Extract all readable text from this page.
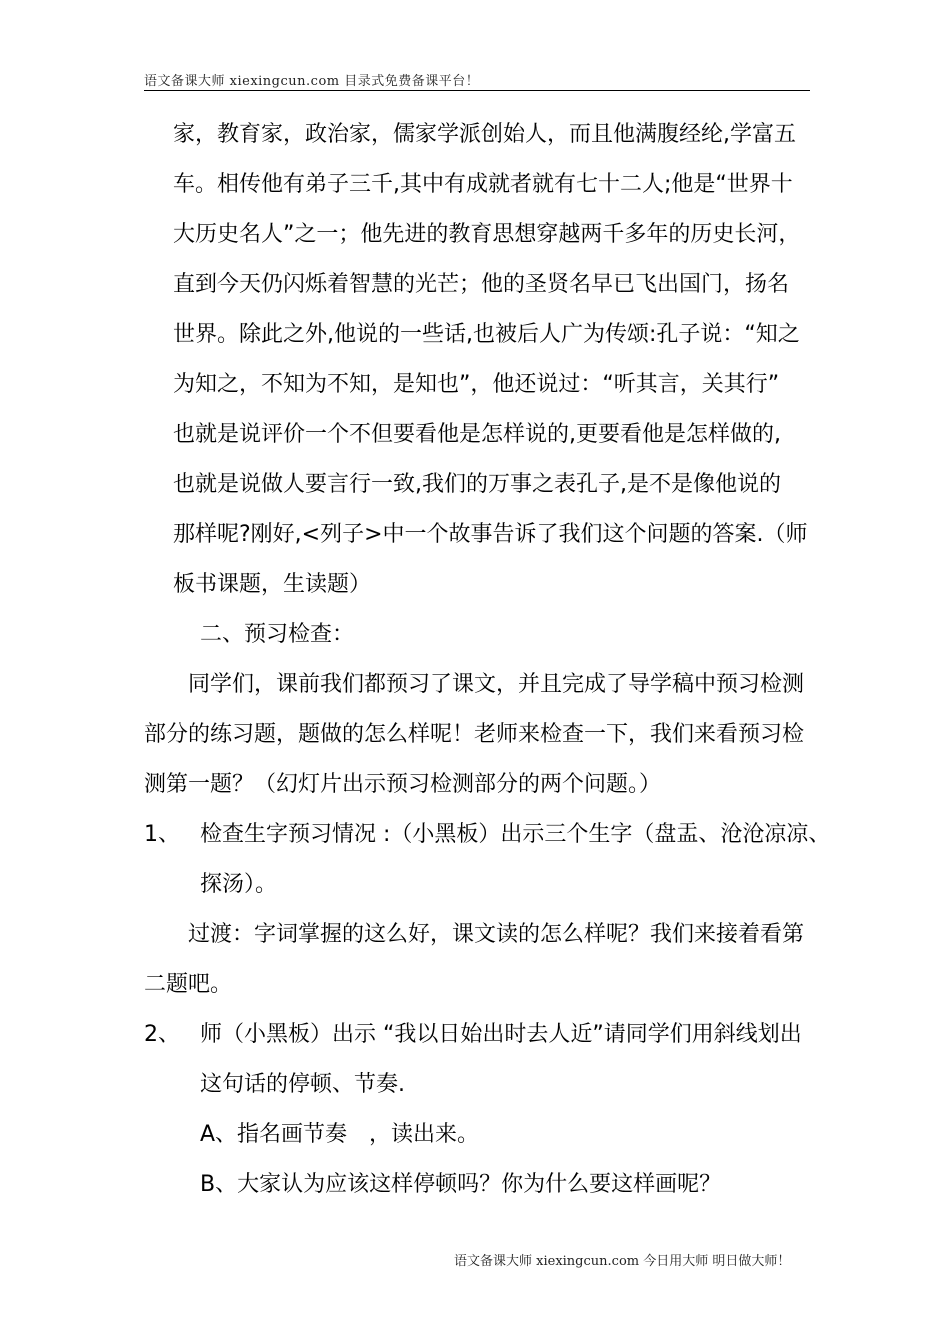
语文备课大师 xiexingcun.com 目录式免费备课平台！
家，教育家，政治家，儒家学派创始人，而且他满腹经纶,学富五
车。相传他有弟子三千,其中有成就者就有七十二人;他是“世界十
大历史名人”之一；他先进的教育思想穿越两千多年的历史长河，
直到今天仍闪烁着智慧的光芒；他的圣贤名早已飞出国门，扬名
世界。除此之外,他说的一些话,也被后人广为传颂:孔子说：“知之
为知之，不知为不知，是知也”，他还说过：“听其言，关其行”
也就是说评价一个不但要看他是怎样说的,更要看他是怎样做的,
也就是说做人要言行一致,我们的万事之表孔子,是不是像他说的
那样呢?刚好,<列子>中一个故事告诉了我们这个问题的答案.（师
板书课题，生读题）
二、预习检查：
同学们，课前我们都预习了课文，并且完成了导学稿中预习检测
部分的练习题，题做的怎么样呢！老师来检查一下，我们来看预习检
测第一题？（幻灯片出示预习检测部分的两个问题。）
1、 检查生字预习情况 :（小黑板）出示三个生字（盘盂、沧沧凉凉、
探汤）。
过渡：字词掌握的这么好，课文读的怎么样呢？我们来接着看第
二题吧。
2、 师（小黑板）出示 “我以日始出时去人近”请同学们用斜线划出
这句话的停顿、节奏.
A、指名画节奏　，读出来。
B、大家认为应该这样停顿吗？你为什么要这样画呢？
语文备课大师 xiexingcun.com 今日用大师 明日做大师！
